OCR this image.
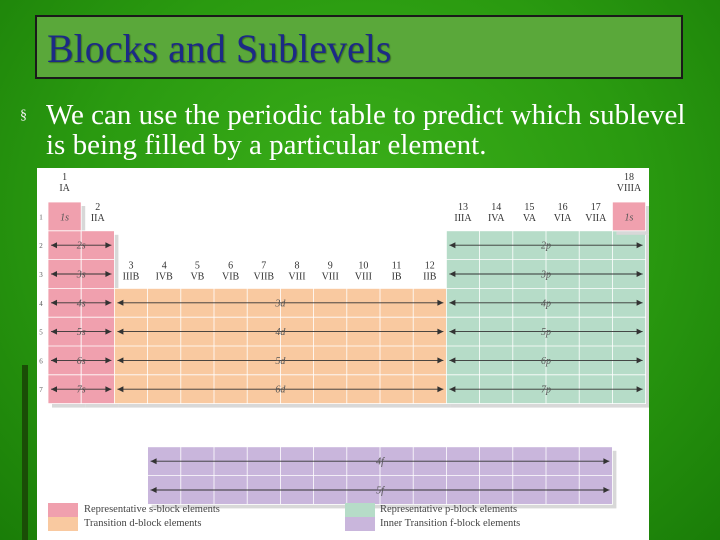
Blocks and Sublevels
§ We can use the periodic table to predict which sublevel is being filled by a particular element.
1
IA
2
IIA
3
IIIB
4
IVB
5
VB
6
VIB
7
VIIB
8
VIII
9
VIII
10
VIII
11
IB
12
IIB
13
IIIA
14
IVA
15
VA
16
VIA
17
VIIA
18
VIIIA
1
2
3
4
5
6
7
1s
2s
3s
4s
5s
6s
7s
1s
2p
3p
4p
5p
6p
7p
3d
4d
5d
6d
4f
5f
Representative s-block elements
Transition d-block elements
Representative p-block elements
Inner Transition f-block elements
